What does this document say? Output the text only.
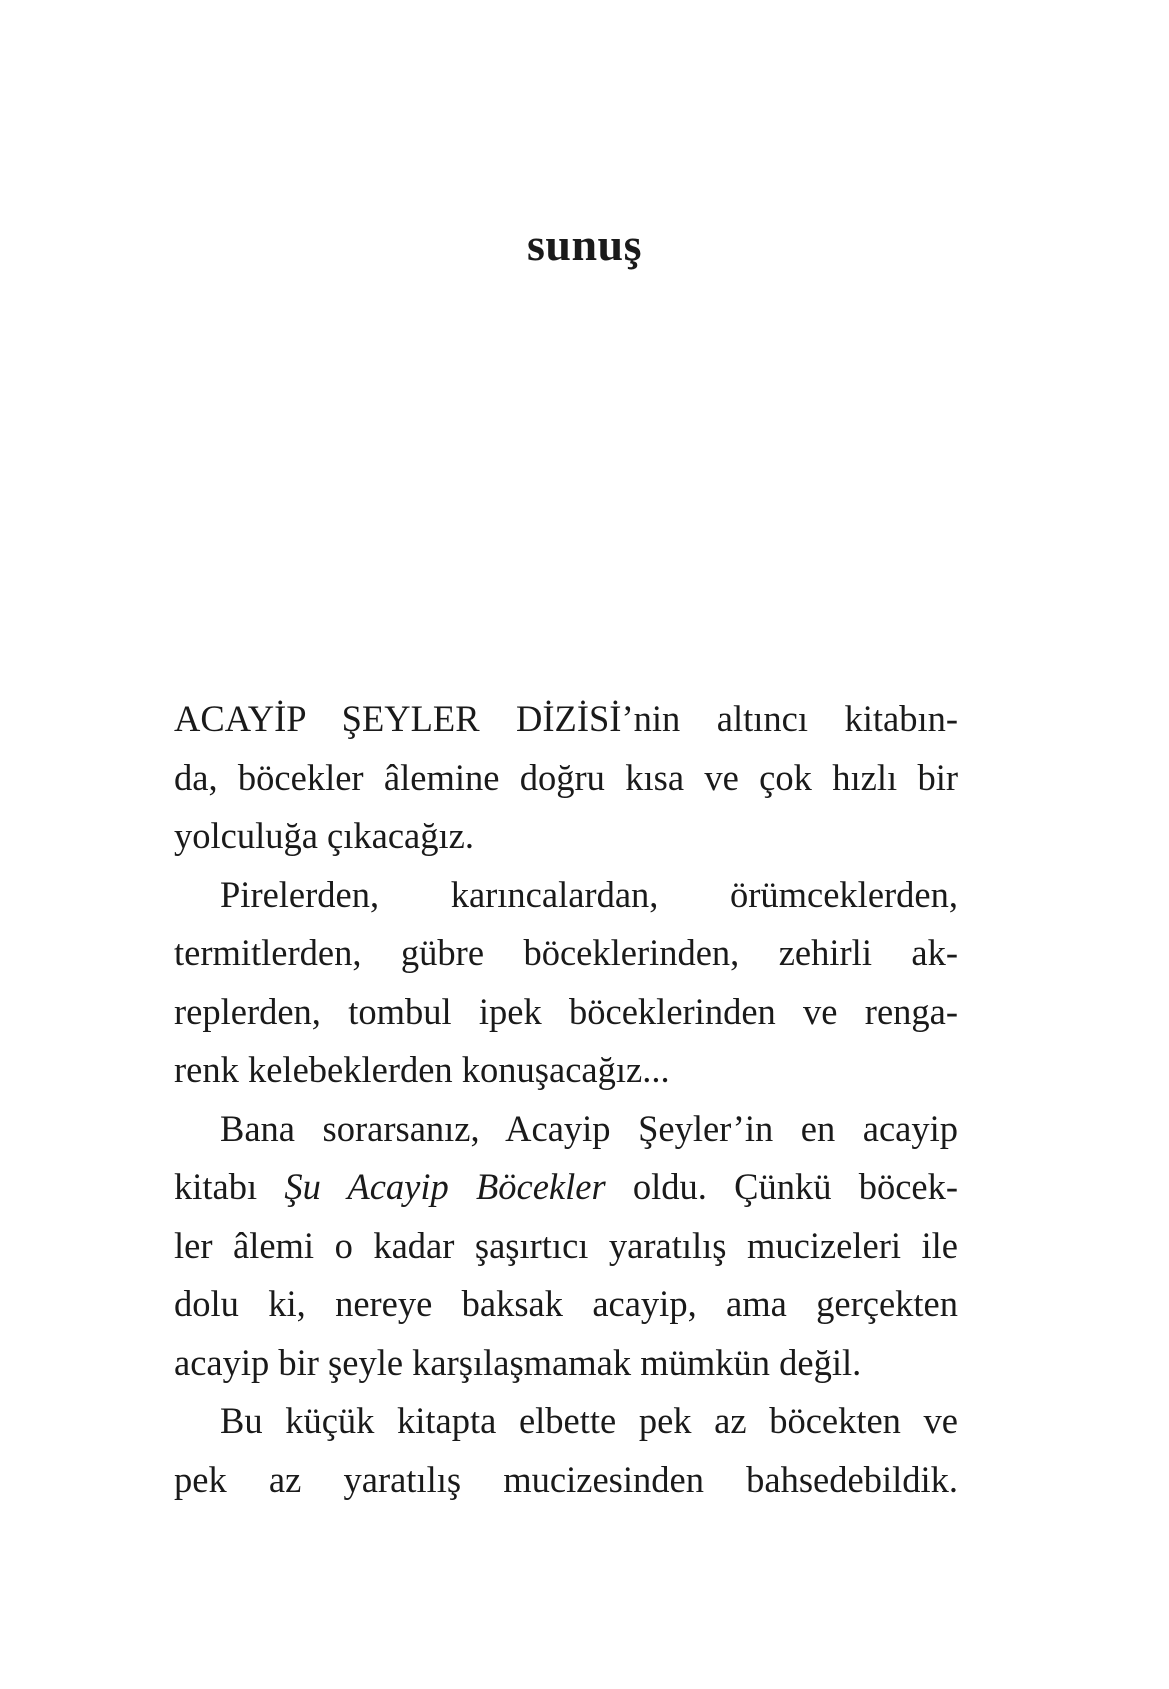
sunuş
ACAYİP ŞEYLER DİZİSİ’nin altıncı kitabın-
da, böcekler âlemine doğru kısa ve çok hızlı bir
yolculuğa çıkacağız.
Pirelerden, karıncalardan, örümceklerden,
termitlerden, gübre böceklerinden, zehirli ak-
replerden, tombul ipek böceklerinden ve renga-
renk kelebeklerden konuşacağız...
Bana sorarsanız, Acayip Şeyler’in en acayip
kitabı Şu Acayip Böcekler oldu. Çünkü böcek-
ler âlemi o kadar şaşırtıcı yaratılış mucizeleri ile
dolu ki, nereye baksak acayip, ama gerçekten
acayip bir şeyle karşılaşmamak mümkün değil.
Bu küçük kitapta elbette pek az böcekten ve
pek az yaratılış mucizesinden bahsedebildik.
